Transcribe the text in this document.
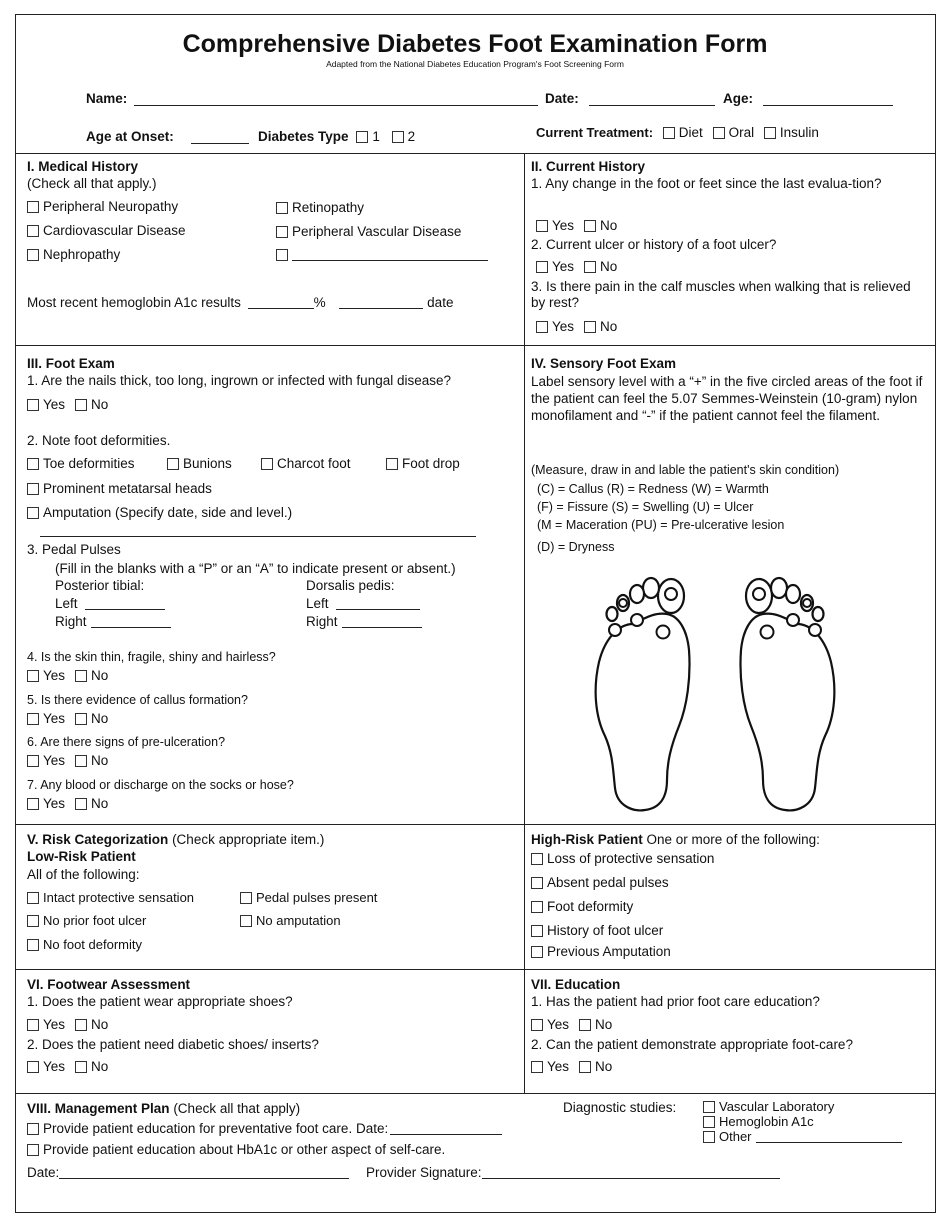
Comprehensive Diabetes Foot Examination Form
Adapted from the National Diabetes Education Program's Foot Screening Form
Name:	Date:	Age:
Age at Onset:	Diabetes Type 1 2	Current Treatment: Diet Oral Insulin
I. Medical History
(Check all that apply.)
Peripheral Neuropathy	Retinopathy
Cardiovascular Disease	Peripheral Vascular Disease
Nephropathy
Most recent hemoglobin A1c results	%	date
II. Current History
1. Any change in the foot or feet since the last evalua-tion?
Yes No
2. Current ulcer or history of a foot ulcer?
Yes No
3. Is there pain in the calf muscles when walking that is relieved by rest?
Yes No
III. Foot Exam
1. Are the nails thick, too long, ingrown or infected with fungal disease?
Yes No
2. Note foot deformities.
Toe deformities	Bunions	Charcot foot	Foot drop
Prominent metatarsal heads
Amputation (Specify date, side and level.)
3. Pedal Pulses
(Fill in the blanks with a “P” or an “A” to indicate present or absent.)
Posterior tibial:	Dorsalis pedis:
Left	Left
Right	Right
4. Is the skin thin, fragile, shiny and hairless?
Yes No
5. Is there evidence of callus formation?
Yes No
6. Are there signs of pre-ulceration?
Yes No
7. Any blood or discharge on the socks or hose?
Yes No
IV. Sensory Foot Exam
Label sensory level with a “+” in the five circled areas of the foot if the patient can feel the 5.07 Semmes-Weinstein (10-gram) nylon monofilament and “-” if the patient cannot feel the filament.
(Measure, draw in and lable the patient's skin condition)
(C) = Callus (R) = Redness (W) = Warmth
(F) = Fissure (S) = Swelling (U) = Ulcer
(M = Maceration (PU) = Pre-ulcerative lesion
(D) = Dryness
V. Risk Categorization (Check appropriate item.)
Low-Risk Patient
All of the following:
Intact protective sensation	Pedal pulses present
No prior foot ulcer	No amputation
No foot deformity
High-Risk Patient One or more of the following:
Loss of protective sensation
Absent pedal pulses
Foot deformity
History of foot ulcer
Previous Amputation
VI. Footwear Assessment
1. Does the patient wear appropriate shoes?
Yes No
2. Does the patient need diabetic shoes/ inserts?
Yes No
VII. Education
1. Has the patient had prior foot care education?
Yes No
2. Can the patient demonstrate appropriate foot-care?
Yes No
VIII. Management Plan (Check all that apply)
Provide patient education for preventative foot care. Date:
Provide patient education about HbA1c or other aspect of self-care.
Date:	Provider Signature:
Diagnostic studies:	Vascular Laboratory
Hemoglobin A1c
Other
